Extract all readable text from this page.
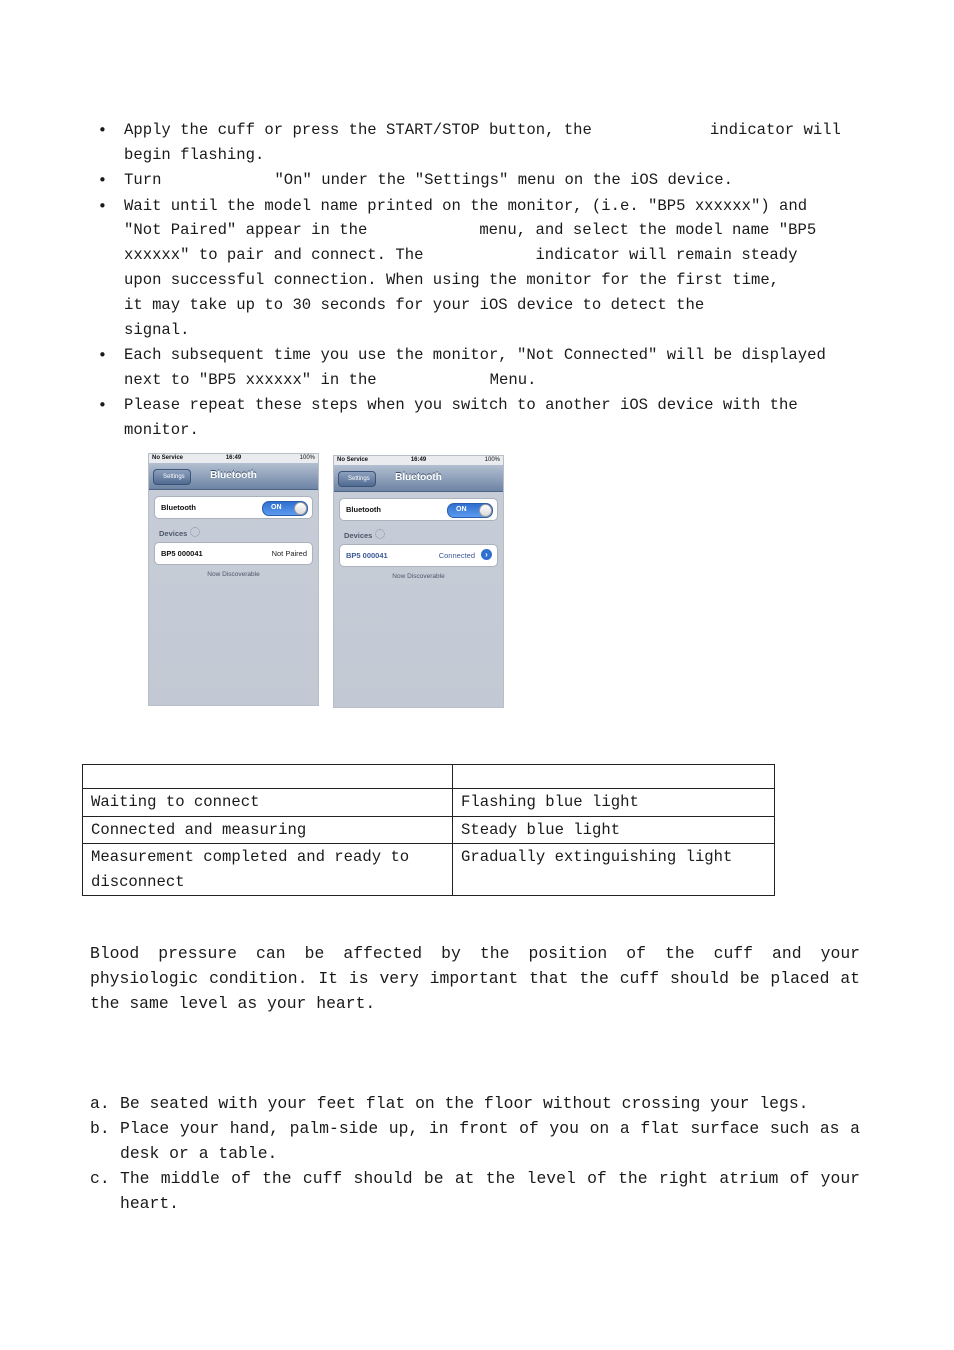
• Apply the cuff or press the START/STOP button, the	indicator will begin flashing.
• Turn	"On" under the "Settings" menu on the iOS device.
• Wait until the model name printed on the monitor, (i.e. "BP5 xxxxxx") and
"Not Paired" appear in the	menu, and select the model name "BP5
xxxxxx" to pair and connect. The	indicator will remain steady
upon successful connection. When using the monitor for the first time,
it may take up to 30 seconds for your iOS device to detect the
signal.
• Each subsequent time you use the monitor, "Not Connected" will be displayed
next to "BP5 xxxxxx" in the	Menu.
• Please repeat these steps when you switch to another iOS device with the monitor.
No Service	16:49	100%
Settings	Bluetooth
Bluetooth	ON
Devices
BP5 000041	Not Paired
Now Discoverable
No Service	16:49	100%
Settings	Bluetooth
Bluetooth	ON
Devices
BP5 000041	Connected	›
Now Discoverable

Waiting to connect	Flashing blue light
Connected and measuring	Steady blue light
Measurement completed and ready to disconnect	Gradually extinguishing light

Blood pressure can be affected by the position of the cuff and your physiologic condition. It is very important that the cuff should be placed at the same level as your heart.

a. Be seated with your feet flat on the floor without crossing your legs.
b. Place your hand, palm-side up, in front of you on a flat surface such as a desk or a table.
c. The middle of the cuff should be at the level of the right atrium of your heart.
